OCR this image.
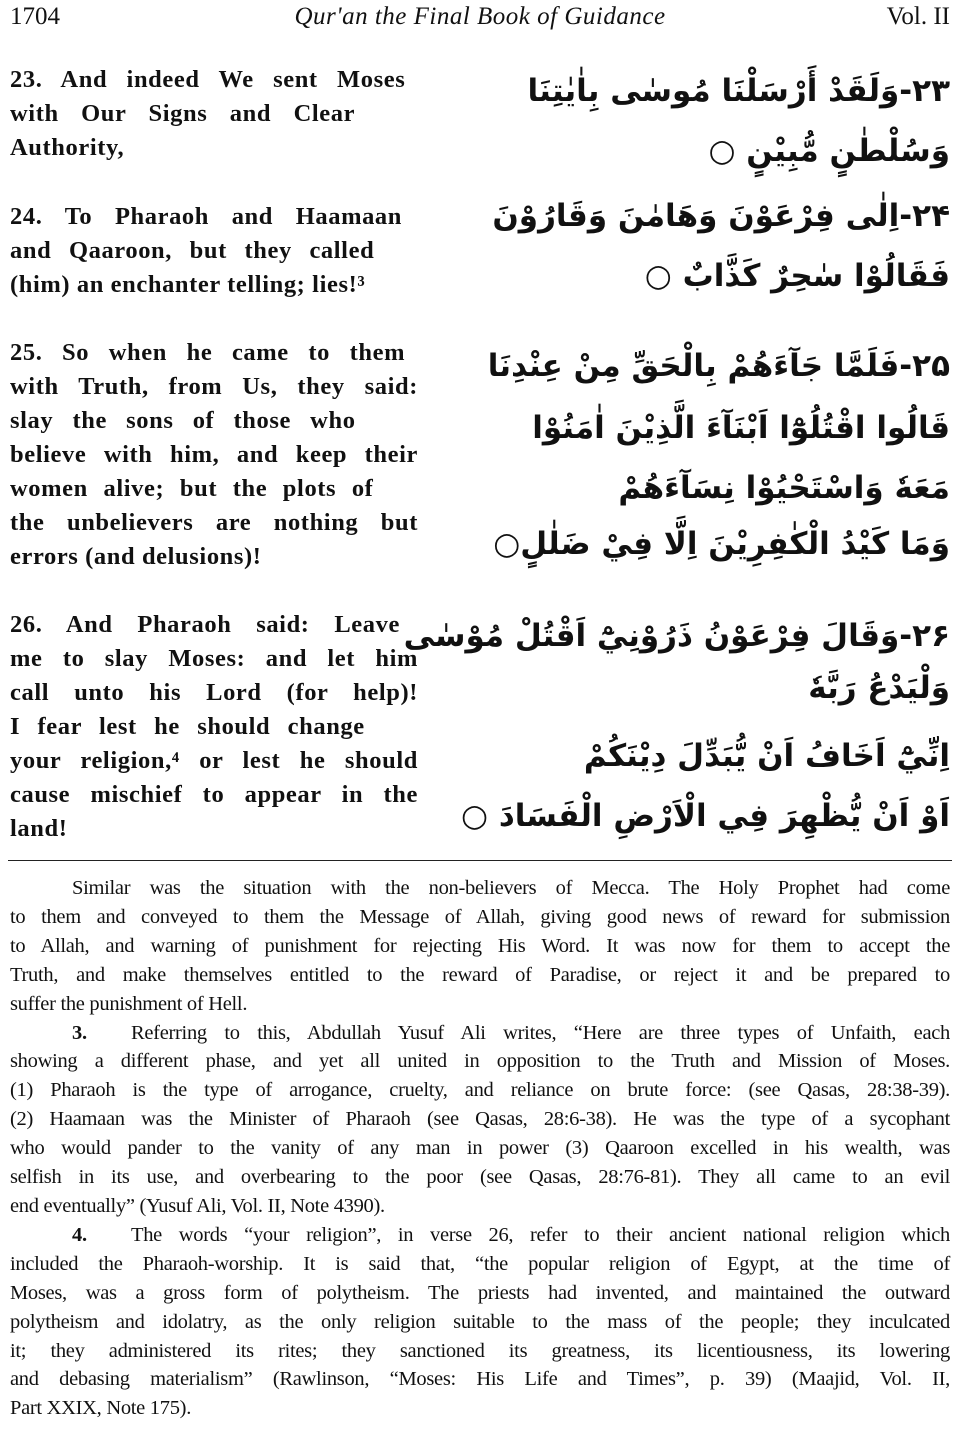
1704	Qur'an the Final Book of Guidance	Vol. II
23. And indeed We sent Moses
with Our Signs and Clear
Authority,
۲۳-وَلَقَدْ أَرْسَلْنَا مُوسٰى بِاٰيٰتِنَا
وَسُلْطٰنٍ مُّبِيْنٍ ○
24. To Pharaoh and Haamaan
and Qaaroon, but they called
(him) an enchanter telling; lies!³
۲۴-اِلٰى فِرْعَوْنَ وَهَامٰنَ وَقَارُوْنَ
فَقَالُوْا سٰحِرٌ كَذَّابٌ ○
25. So when he came to them
with Truth, from Us, they said:
slay the sons of those who
believe with him, and keep their
women alive; but the plots of
the unbelievers are nothing but
errors (and delusions)!
۲۵-فَلَمَّا جَآءَهُمْ بِالْحَقِّ مِنْ عِنْدِنَا
قَالُوا اقْتُلُوْٓا اَبْنَآءَ الَّذِيْنَ اٰمَنُوْا
مَعَهٗ وَاسْتَحْيُوْا نِسَآءَهُمْ
وَمَا كَيْدُ الْكٰفِرِيْنَ اِلَّا فِيْ ضَلٰلٍ○
26. And Pharaoh said: Leave
me to slay Moses: and let him
call unto his Lord (for help)!
I fear lest he should change
your religion,⁴ or lest he should
cause mischief to appear in the
land!
۲۶-وَقَالَ فِرْعَوْنُ ذَرُوْنِيْٓ اَقْتُلْ مُوْسٰى
وَلْيَدْعُ رَبَّهٗ
اِنِّيْٓ اَخَافُ اَنْ يُّبَدِّلَ دِيْنَكُمْ
اَوْ اَنْ يُّظْهِرَ فِي الْاَرْضِ الْفَسَادَ ○
Similar was the situation with the non-believers of Mecca. The Holy Prophet had come
to them and conveyed to them the Message of Allah, giving good news of reward for submission
to Allah, and warning of punishment for rejecting His Word. It was now for them to accept the
Truth, and make themselves entitled to the reward of Paradise, or reject it and be prepared to
suffer the punishment of Hell.
3. Referring to this, Abdullah Yusuf Ali writes, “Here are three types of Unfaith, each
showing a different phase, and yet all united in opposition to the Truth and Mission of Moses.
(1) Pharaoh is the type of arrogance, cruelty, and reliance on brute force: (see Qasas, 28:38-39).
(2) Haamaan was the Minister of Pharaoh (see Qasas, 28:6-38). He was the type of a sycophant
who would pander to the vanity of any man in power (3) Qaaroon excelled in his wealth, was
selfish in its use, and overbearing to the poor (see Qasas, 28:76-81). They all came to an evil
end eventually” (Yusuf Ali, Vol. II, Note 4390).
4. The words “your religion”, in verse 26, refer to their ancient national religion which
included the Pharaoh-worship. It is said that, “the popular religion of Egypt, at the time of
Moses, was a gross form of polytheism. The priests had invented, and maintained the outward
polytheism and idolatry, as the only religion suitable to the mass of the people; they inculcated
it; they administered its rites; they sanctioned its greatness, its licentiousness, its lowering
and debasing materialism” (Rawlinson, “Moses: His Life and Times”, p. 39) (Maajid, Vol. II,
Part XXIX, Note 175).
